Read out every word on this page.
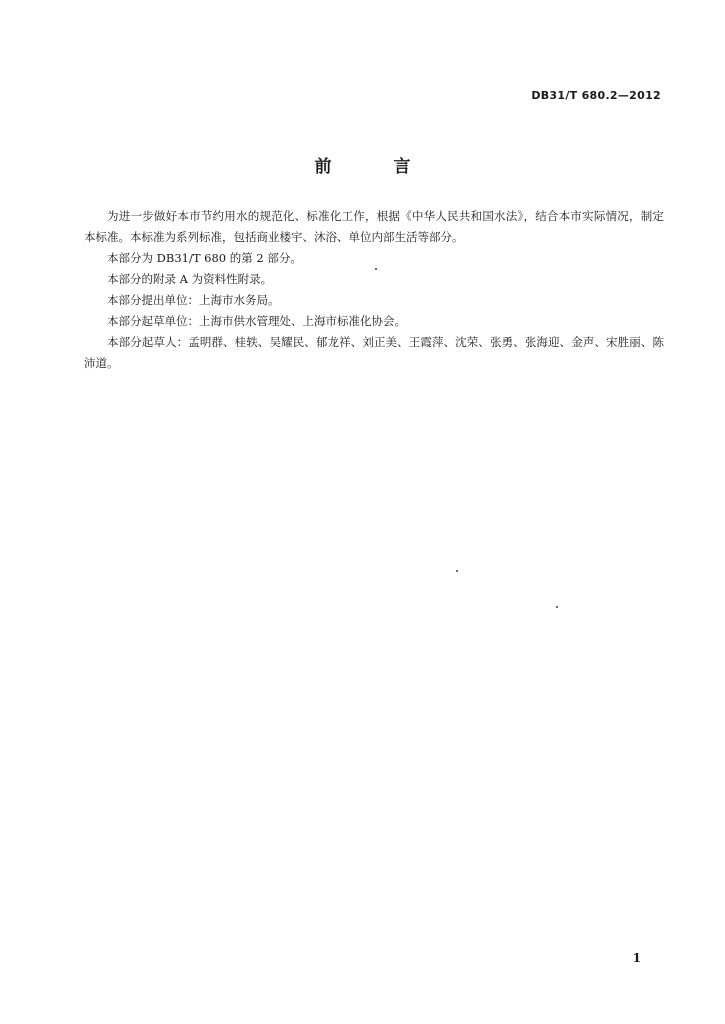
DB31/T 680.2—2012
前 言

为进一步做好本市节约用水的规范化、标准化工作，根据《中华人民共和国水法》，结合本市实际情况，制定本标准。本标准为系列标准，包括商业楼宇、沐浴、单位内部生活等部分。

本部分为 DB31/T 680 的第 2 部分。

本部分的附录 A 为资料性附录。

本部分提出单位：上海市水务局。

本部分起草单位：上海市供水管理处、上海市标准化协会。

本部分起草人：孟明群、桂轶、吴耀民、郁龙祥、刘正美、王霞萍、沈荣、张勇、张海迎、金声、宋胜丽、陈沛道。

1
